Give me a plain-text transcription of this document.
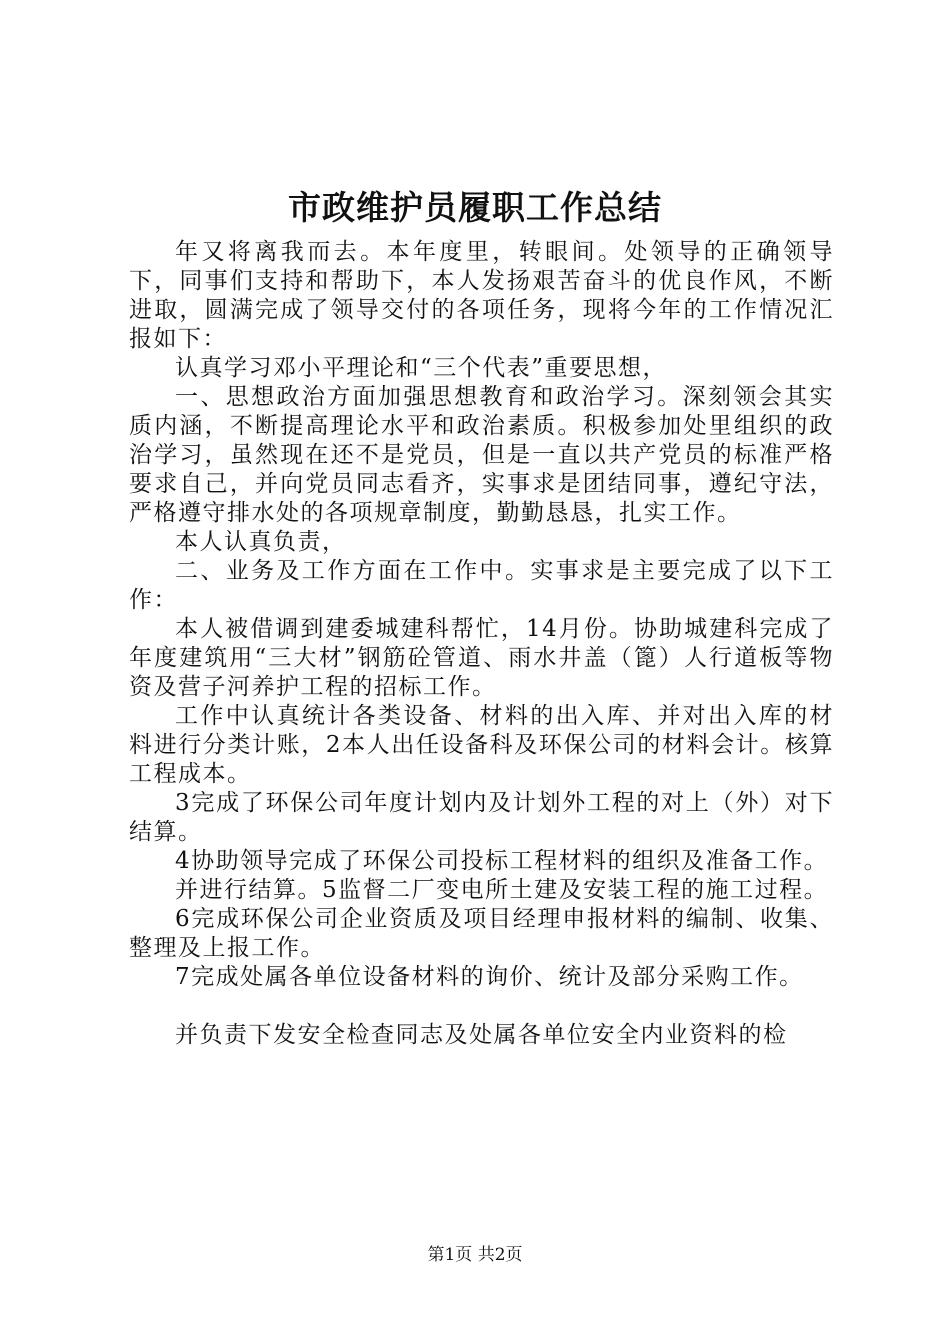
市政维护员履职工作总结

年又将离我而去。本年度里，转眼间。处领导的正确领导下，同事们支持和帮助下，本人发扬艰苦奋斗的优良作风，不断进取，圆满完成了领导交付的各项任务，现将今年的工作情况汇报如下：

认真学习邓小平理论和“三个代表”重要思想，

一、思想政治方面加强思想教育和政治学习。深刻领会其实质内涵，不断提高理论水平和政治素质。积极参加处里组织的政治学习，虽然现在还不是党员，但是一直以共产党员的标准严格要求自己，并向党员同志看齐，实事求是团结同事，遵纪守法，严格遵守排水处的各项规章制度，勤勤恳恳，扎实工作。

本人认真负责，

二、业务及工作方面在工作中。实事求是主要完成了以下工作：

本人被借调到建委城建科帮忙，14月份。协助城建科完成了年度建筑用“三大材”钢筋砼管道、雨水井盖（篦）人行道板等物资及营子河养护工程的招标工作。

工作中认真统计各类设备、材料的出入库、并对出入库的材料进行分类计账，2本人出任设备科及环保公司的材料会计。核算工程成本。

3完成了环保公司年度计划内及计划外工程的对上（外）对下结算。

4协助领导完成了环保公司投标工程材料的组织及准备工作。

并进行结算。5监督二厂变电所土建及安装工程的施工过程。

6完成环保公司企业资质及项目经理申报材料的编制、收集、整理及上报工作。

7完成处属各单位设备材料的询价、统计及部分采购工作。

并负责下发安全检查同志及处属各单位安全内业资料的检

第1页 共2页
